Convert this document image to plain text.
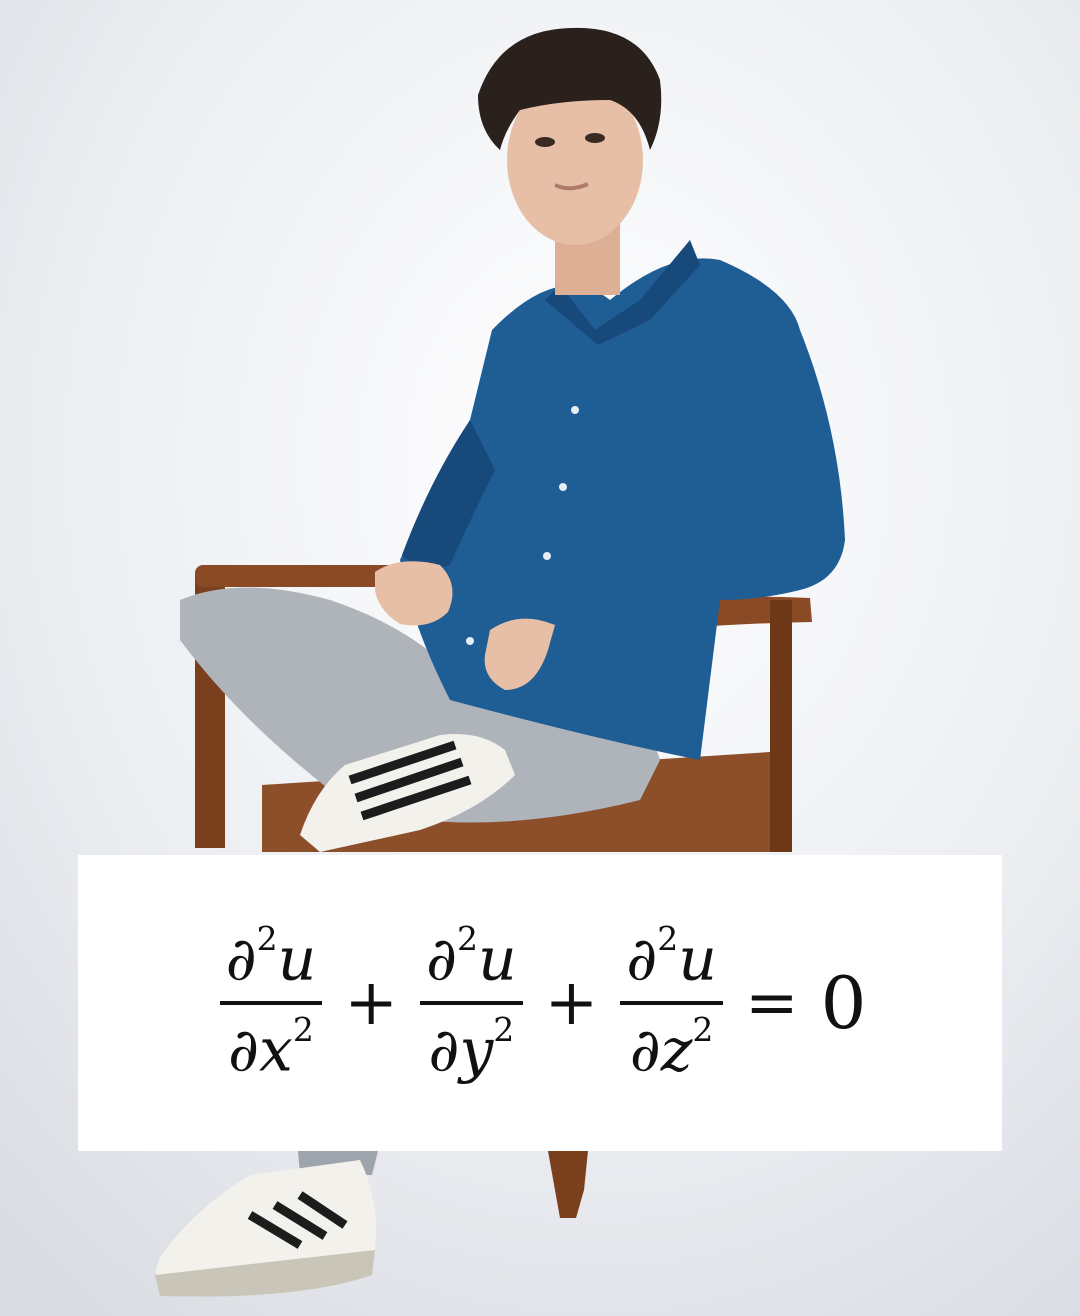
$\frac{\partial^2u}{\partial x^2} + \frac{\partial^2u}{\partial y^2} + \frac{\partial^2u}{\partial z^2} = 0$
